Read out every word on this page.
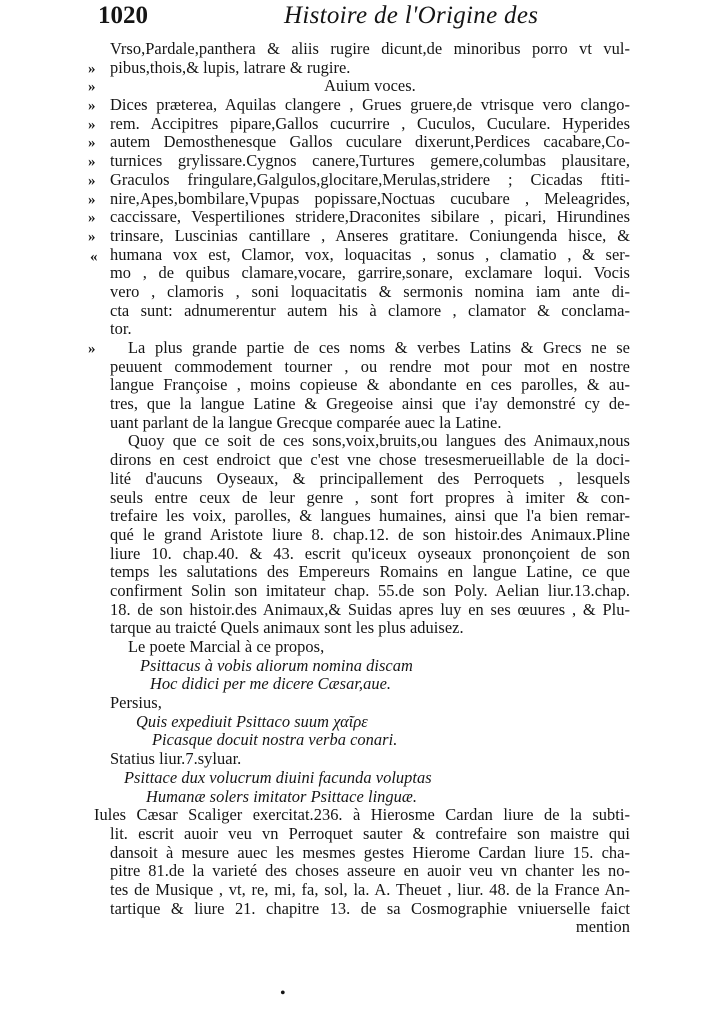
1020	Histoire de l'Origine des
Vrso,Pardale,panthera & aliis rugire dicunt,de minoribus porro vt vul-
» pibus,thois,& lupis, latrare & rugire.
»	Auium voces.
» Dices præterea, Aquilas clangere , Grues gruere,de vtrisque vero clango-
» rem. Accipitres pipare,Gallos cucurrire , Cuculos, Cuculare. Hyperides
» autem Demosthenesque Gallos cuculare dixerunt,Perdices cacabare,Co-
» turnices grylissare.Cygnos canere,Turtures gemere,columbas plausitare,
» Graculos fringulare,Galgulos,glocitare,Merulas,stridere ; Cicadas ftiti-
» nire,Apes,bombilare,Vpupas popissare,Noctuas cucubare , Meleagrides,
» caccissare, Vespertiliones stridere,Draconites sibilare , picari, Hirundines
» trinsare, Luscinias cantillare , Anseres gratitare. Coniungenda hisce, &
« humana vox est, Clamor, vox, loquacitas , sonus , clamatio , & ser-
mo , de quibus clamare,vocare, garrire,sonare, exclamare loqui. Vocis
vero , clamoris , soni loquacitatis & sermonis nomina iam ante di-
cta sunt: adnumerentur autem his à clamore , clamator & conclama-
tor.
» La plus grande partie de ces noms & verbes Latins & Grecs ne se
peuuent commodement tourner , ou rendre mot pour mot en nostre
langue Françoise , moins copieuse & abondante en ces parolles, & au-
tres, que la langue Latine & Gregeoise ainsi que i'ay demonstré cy de-
uant parlant de la langue Grecque comparée auec la Latine.
Quoy que ce soit de ces sons,voix,bruits,ou langues des Animaux,nous
dirons en cest endroict que c'est vne chose tresesmerueillable de la doci-
lité d'aucuns Oyseaux, & principallement des Perroquets , lesquels
seuls entre ceux de leur genre , sont fort propres à imiter & con-
trefaire les voix, parolles, & langues humaines, ainsi que l'a bien remar-
qué le grand Aristote liure 8. chap.12. de son histoir.des Animaux.Pline
liure 10. chap.40. & 43. escrit qu'iceux oyseaux prononçoient de son
temps les salutations des Empereurs Romains en langue Latine, ce que
confirment Solin son imitateur chap. 55.de son Poly. Aelian liur.13.chap.
18. de son histoir.des Animaux,& Suidas apres luy en ses œuures , & Plu-
tarque au traicté Quels animaux sont les plus aduisez.
Le poete Marcial à ce propos,
Psittacus à vobis aliorum nomina discam
Hoc didici per me dicere Cæsar,aue.
Persius,
Quis expediuit Psittaco suum χαῖρε
Picasque docuit nostra verba conari.
Statius liur.7.syluar.
Psittace dux volucrum diuini facunda voluptas
Humanæ solers imitator Psittace linguæ.
Iules Cæsar Scaliger exercitat.236. à Hierosme Cardan liure de la subti-
lit. escrit auoir veu vn Perroquet sauter & contrefaire son maistre qui
dansoit à mesure auec les mesmes gestes Hierome Cardan liure 15. cha-
pitre 81.de la varieté des choses asseure en auoir veu vn chanter les no-
tes de Musique , vt, re, mi, fa, sol, la. A. Theuet , liur. 48. de la France An-
tartique & liure 21. chapitre 13. de sa Cosmographie vniuerselle faict
mention
•
